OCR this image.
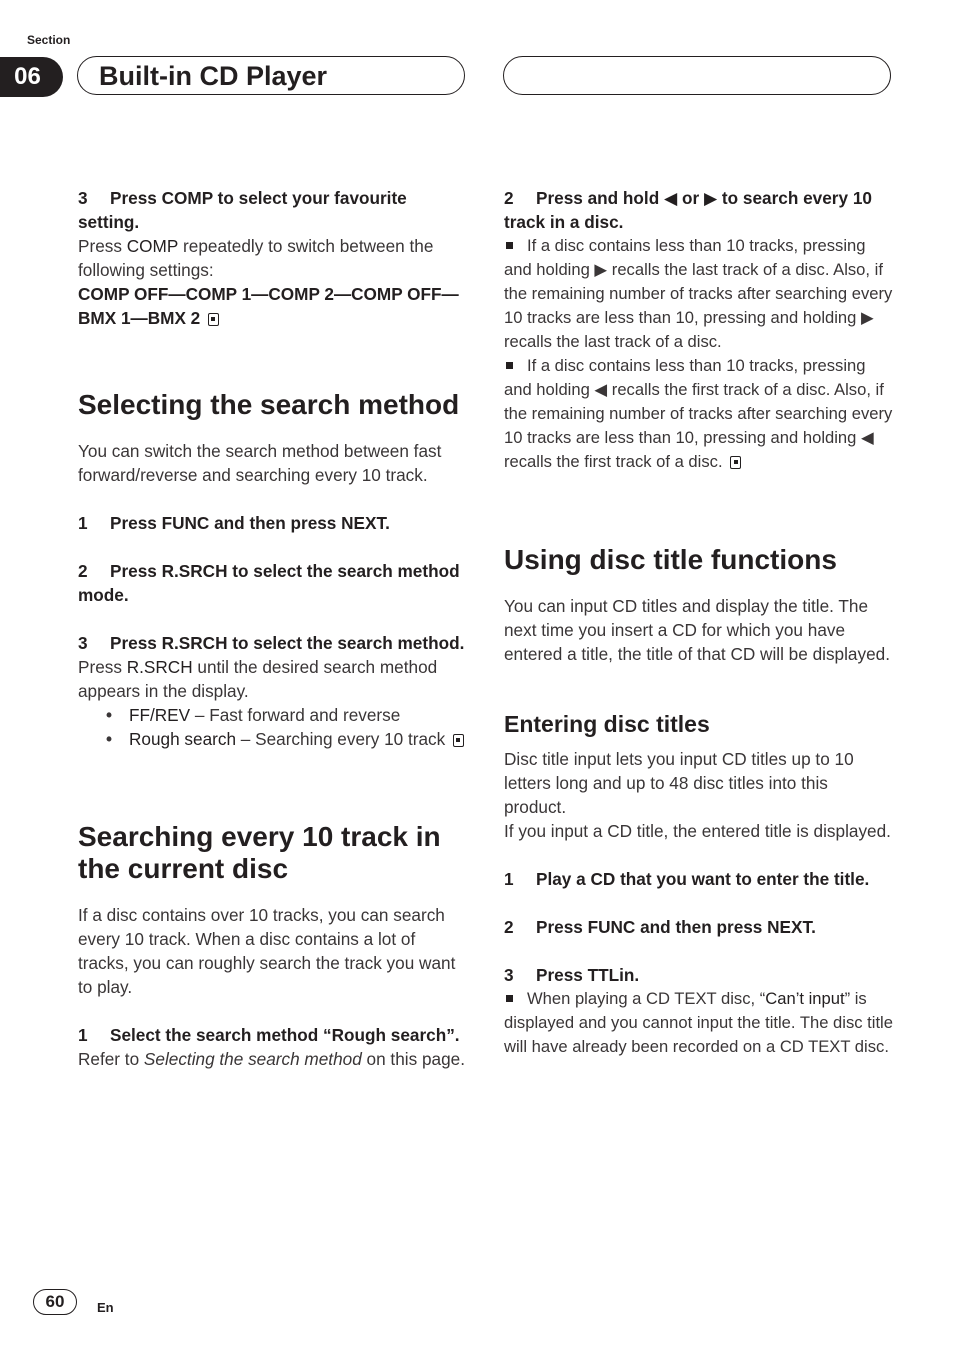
Section
06	Built-in CD Player

3 Press COMP to select your favourite setting.

Press COMP repeatedly to switch between the following settings:

COMP OFF—COMP 1—COMP 2—COMP OFF—BMX 1—BMX 2

Selecting the search method

You can switch the search method between fast forward/reverse and searching every 10 track.

1 Press FUNC and then press NEXT.

2 Press R.SRCH to select the search method mode.

3 Press R.SRCH to select the search method.

Press R.SRCH until the desired search method appears in the display.

• FF/REV – Fast forward and reverse

• Rough search – Searching every 10 track

Searching every 10 track in the current disc

If a disc contains over 10 tracks, you can search every 10 track. When a disc contains a lot of tracks, you can roughly search the track you want to play.

1 Select the search method “Rough search”.

Refer to Selecting the search method on this page.

2 Press and hold ◀ or ▶ to search every 10 track in a disc.

If a disc contains less than 10 tracks, pressing and holding ▶ recalls the last track of a disc. Also, if the remaining number of tracks after searching every 10 tracks are less than 10, pressing and holding ▶ recalls the last track of a disc.

If a disc contains less than 10 tracks, pressing and holding ◀ recalls the first track of a disc. Also, if the remaining number of tracks after searching every 10 tracks are less than 10, pressing and holding ◀ recalls the first track of a disc.

Using disc title functions

You can input CD titles and display the title. The next time you insert a CD for which you have entered a title, the title of that CD will be displayed.

Entering disc titles

Disc title input lets you input CD titles up to 10 letters long and up to 48 disc titles into this product.

If you input a CD title, the entered title is displayed.

1 Play a CD that you want to enter the title.

2 Press FUNC and then press NEXT.

3 Press TTLin.

When playing a CD TEXT disc, “Can’t input” is displayed and you cannot input the title. The disc title will have already been recorded on a CD TEXT disc.

60	En
